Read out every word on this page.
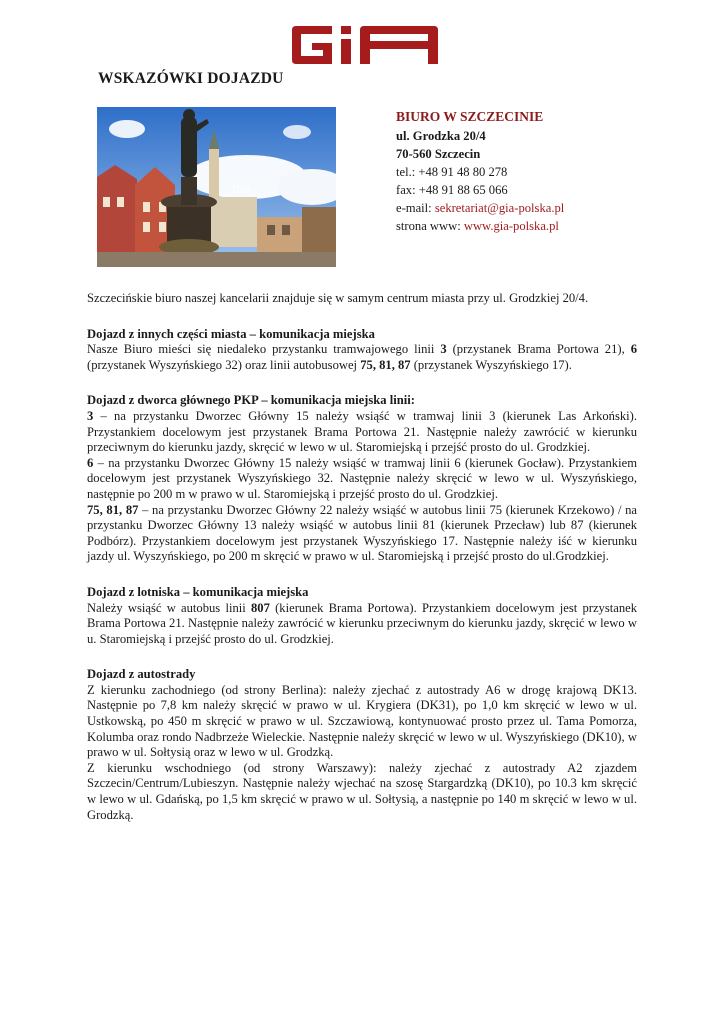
WSKAZÓWKI DOJAZDU
dia
BIURO W SZCZECINIE
ul. Grodzka 20/4
70-560 Szczecin
tel.: +48 91 48 80 278
fax: +48 91 88 65 066
e-mail: sekretariat@gia-polska.pl
strona www: www.gia-polska.pl

Szczecińskie biuro naszej kancelarii znajduje się w samym centrum miasta przy ul. Grodzkiej 20/4.

Dojazd z innych części miasta – komunikacja miejska

Nasze Biuro mieści się niedaleko przystanku tramwajowego linii 3 (przystanek Brama Portowa 21), 6 (przystanek Wyszyńskiego 32) oraz linii autobusowej 75, 81, 87 (przystanek Wyszyńskiego 17).

Dojazd z dworca głównego PKP – komunikacja miejska linii:

3 – na przystanku Dworzec Główny 15 należy wsiąść w tramwaj linii 3 (kierunek Las Arkoński). Przystankiem docelowym jest przystanek Brama Portowa 21. Następnie należy zawrócić w kierunku przeciwnym do kierunku jazdy, skręcić w lewo w ul. Staromiejską i przejść prosto do ul. Grodzkiej.

6 – na przystanku Dworzec Główny 15 należy wsiąść w tramwaj linii 6 (kierunek Gocław). Przystankiem docelowym jest przystanek Wyszyńskiego 32. Następnie należy skręcić w lewo w ul. Wyszyńskiego, następnie po 200 m w prawo w ul. Staromiejską i przejść prosto do ul. Grodzkiej.

75, 81, 87 – na przystanku Dworzec Główny 22 należy wsiąść w autobus linii 75 (kierunek Krzekowo) / na przystanku Dworzec Główny 13 należy wsiąść w autobus linii 81 (kierunek Przecław) lub 87 (kierunek Podbórz). Przystankiem docelowym jest przystanek Wyszyńskiego 17. Następnie należy iść w kierunku jazdy ul. Wyszyńskiego, po 200 m skręcić w prawo w ul. Staromiejską i przejść prosto do ul.Grodzkiej.

Dojazd z lotniska – komunikacja miejska

Należy wsiąść w autobus linii 807 (kierunek Brama Portowa). Przystankiem docelowym jest przystanek Brama Portowa 21. Następnie należy zawrócić w kierunku przeciwnym do kierunku jazdy, skręcić w lewo w u. Staromiejską i przejść prosto do ul. Grodzkiej.

Dojazd z autostrady

Z kierunku zachodniego (od strony Berlina): należy zjechać z autostrady A6 w drogę krajową DK13. Następnie po 7,8 km należy skręcić w prawo w ul. Krygiera (DK31), po 1,0 km skręcić w lewo w ul. Ustkowską, po 450 m skręcić w prawo w ul. Szczawiową, kontynuować prosto przez ul. Tama Pomorza, Kolumba oraz rondo Nadbrzeże Wieleckie. Następnie należy skręcić w lewo w ul. Wyszyńskiego (DK10), w prawo w ul. Sołtysią oraz w lewo w ul. Grodzką.

Z kierunku wschodniego (od strony Warszawy): należy zjechać z autostrady A2 zjazdem Szczecin/Centrum/Lubieszyn. Następnie należy wjechać na szosę Stargardzką (DK10), po 10.3 km skręcić w lewo w ul. Gdańską, po 1,5 km skręcić w prawo w ul. Sołtysią, a następnie po 140 m skręcić w lewo w ul. Grodzką.
